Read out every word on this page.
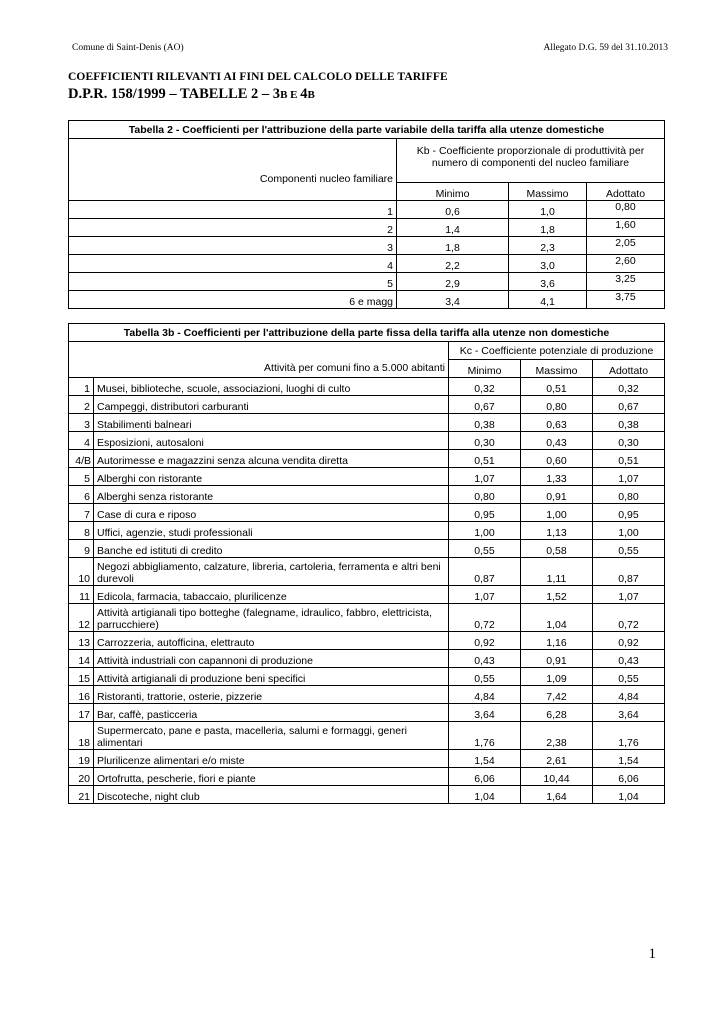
Comune di Saint-Denis (AO)	Allegato D.G. 59 del 31.10.2013
COEFFICIENTI RILEVANTI AI FINI DEL CALCOLO DELLE TARIFFE
D.P.R. 158/1999 – TABELLE 2 – 3B E 4B
Tabella 2 - Coefficienti per l'attribuzione della parte variabile della tariffa alla utenze domestiche			
Componenti nucleo familiare	Kb - Coefficiente proporzionale di produttività per numero di componenti del nucleo familiare		
	Minimo	Massimo	Adottato
1	0,6	1,0	0,80
2	1,4	1,8	1,60
3	1,8	2,3	2,05
4	2,2	3,0	2,60
5	2,9	3,6	3,25
6 e magg	3,4	4,1	3,75
Tabella 3b - Coefficienti per l'attribuzione della parte fissa della tariffa alla utenze non domestiche				
Attività per comuni fino a 5.000 abitanti		Kc - Coefficiente potenziale di produzione		
		Minimo	Massimo	Adottato
1	Musei, biblioteche, scuole, associazioni, luoghi di culto	0,32	0,51	0,32
2	Campeggi, distributori carburanti	0,67	0,80	0,67
3	Stabilimenti balneari	0,38	0,63	0,38
4	Esposizioni, autosaloni	0,30	0,43	0,30
4/B	Autorimesse e magazzini senza alcuna vendita diretta	0,51	0,60	0,51
5	Alberghi con ristorante	1,07	1,33	1,07
6	Alberghi senza ristorante	0,80	0,91	0,80
7	Case di cura e riposo	0,95	1,00	0,95
8	Uffici, agenzie, studi professionali	1,00	1,13	1,00
9	Banche ed istituti di credito	0,55	0,58	0,55
10	Negozi abbigliamento, calzature, libreria, cartoleria, ferramenta e altri beni durevoli	0,87	1,11	0,87
11	Edicola, farmacia, tabaccaio, plurilicenze	1,07	1,52	1,07
12	Attività artigianali tipo botteghe (falegname, idraulico, fabbro, elettricista, parrucchiere)	0,72	1,04	0,72
13	Carrozzeria, autofficina, elettrauto	0,92	1,16	0,92
14	Attività industriali con capannoni di produzione	0,43	0,91	0,43
15	Attività artigianali di produzione beni specifici	0,55	1,09	0,55
16	Ristoranti, trattorie, osterie, pizzerie	4,84	7,42	4,84
17	Bar, caffè, pasticceria	3,64	6,28	3,64
18	Supermercato, pane e pasta, macelleria, salumi e formaggi, generi alimentari	1,76	2,38	1,76
19	Plurilicenze alimentari e/o miste	1,54	2,61	1,54
20	Ortofrutta, pescherie, fiori e piante	6,06	10,44	6,06
21	Discoteche, night club	1,04	1,64	1,04
1
